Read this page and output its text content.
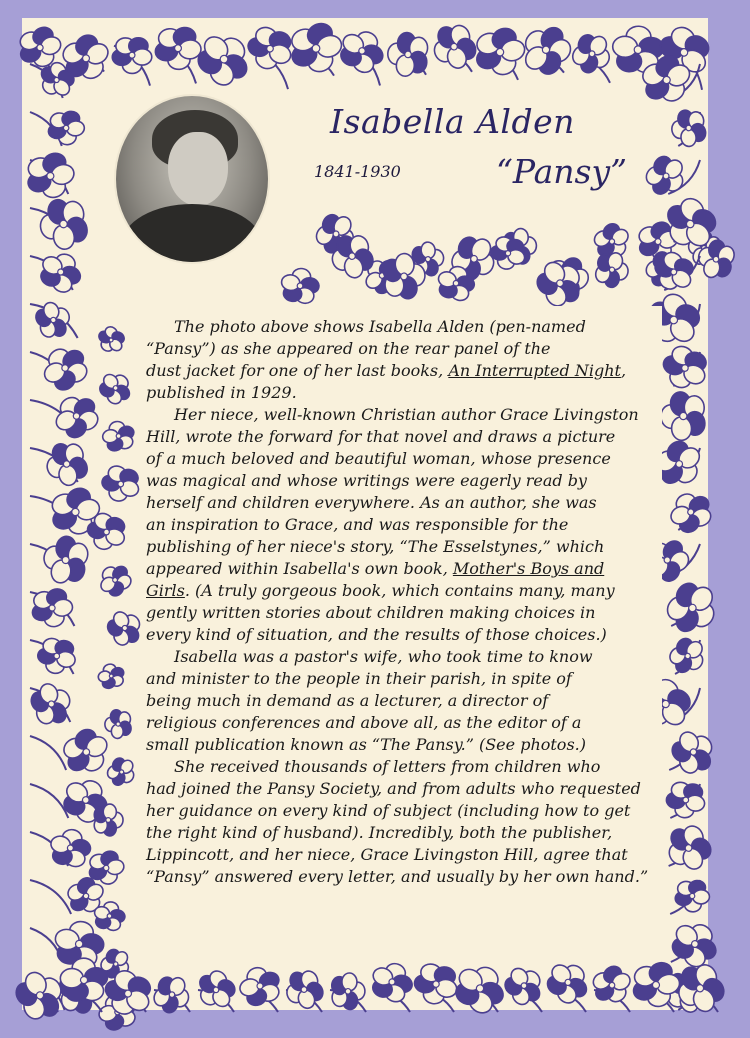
Isabella Alden
1841-1930	“Pansy”
The photo above shows Isabella Alden (pen-named
“Pansy”) as she appeared on the rear panel of the
dust jacket for one of her last books, An Interrupted Night,
published in 1929.
Her niece, well-known Christian author Grace Livingston
Hill, wrote the forward for that novel and draws a picture
of a much beloved and beautiful woman, whose presence
was magical and whose writings were eagerly read by
herself and children everywhere. As an author, she was
an inspiration to Grace, and was responsible for the
publishing of her niece's story, “The Esselstynes,” which
appeared within Isabella's own book, Mother's Boys and
Girls. (A truly gorgeous book, which contains many, many
gently written stories about children making choices in
every kind of situation, and the results of those choices.)
Isabella was a pastor's wife, who took time to know
and minister to the people in their parish, in spite of
being much in demand as a lecturer, a director of
religious conferences and above all, as the editor of a
small publication known as “The Pansy.” (See photos.)
She received thousands of letters from children who
had joined the Pansy Society, and from adults who requested
her guidance on every kind of subject (including how to get
the right kind of husband). Incredibly, both the publisher,
Lippincott, and her niece, Grace Livingston Hill, agree that
“Pansy” answered every letter, and usually by her own hand.”
